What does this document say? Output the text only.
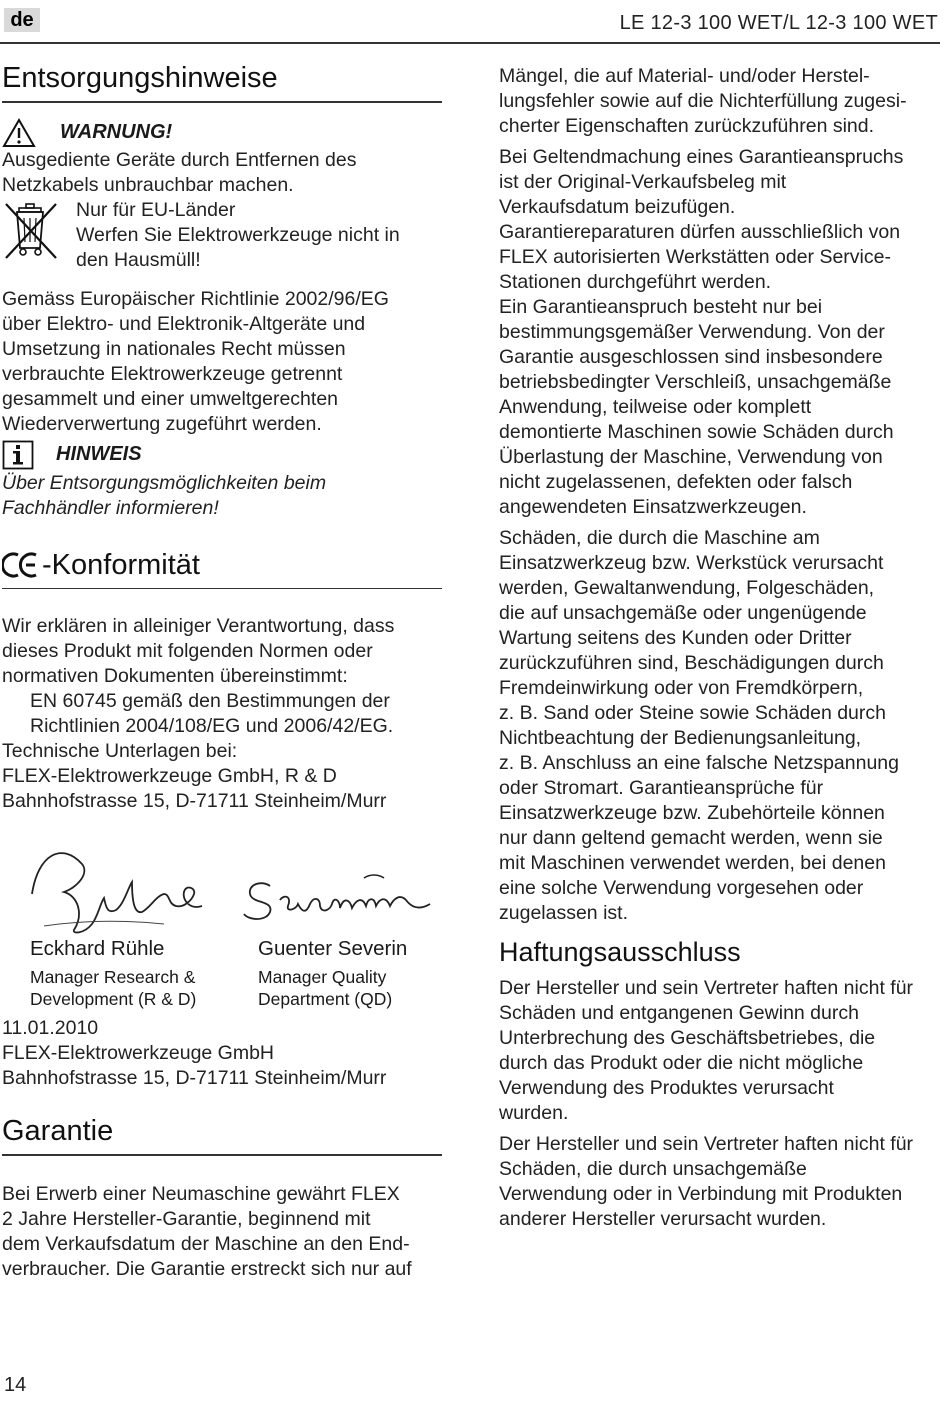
de	LE 12-3 100 WET/L 12-3 100 WET
Entsorgungshinweise
WARNUNG!

Ausgediente Geräte durch Entfernen des

Netzkabels unbrauchbar machen.

Nur für EU-Länder

Werfen Sie Elektrowerkzeuge nicht in

den Hausmüll!

Gemäss Europäischer Richtlinie 2002/96/EG

über Elektro- und Elektronik-Altgeräte und

Umsetzung in nationales Recht müssen

verbrauchte Elektrowerkzeuge getrennt

gesammelt und einer umweltgerechten

Wiederverwertung zugeführt werden.

HINWEIS

Über Entsorgungsmöglichkeiten beim

Fachhändler informieren!

-Konformität

Wir erklären in alleiniger Verantwortung, dass

dieses Produkt mit folgenden Normen oder

normativen Dokumenten übereinstimmt:

EN 60745 gemäß den Bestimmungen der

Richtlinien 2004/108/EG und 2006/42/EG.

Technische Unterlagen bei:

FLEX-Elektrowerkzeuge GmbH, R & D

Bahnhofstrasse 15, D-71711 Steinheim/Murr

Eckhard Rühle
Manager Research &
Development (R & D)
Guenter Severin
Manager Quality
Department (QD)

11.01.2010

FLEX-Elektrowerkzeuge GmbH

Bahnhofstrasse 15, D-71711 Steinheim/Murr

Garantie

Bei Erwerb einer Neumaschine gewährt FLEX

2 Jahre Hersteller-Garantie, beginnend mit

dem Verkaufsdatum der Maschine an den End-

verbraucher. Die Garantie erstreckt sich nur auf

Mängel, die auf Material- und/oder Herstel-

lungsfehler sowie auf die Nichterfüllung zugesi-

cherter Eigenschaften zurückzuführen sind.

Bei Geltendmachung eines Garantieanspruchs

ist der Original-Verkaufsbeleg mit

Verkaufsdatum beizufügen.

Garantiereparaturen dürfen ausschließlich von

FLEX autorisierten Werkstätten oder Service-

Stationen durchgeführt werden.

Ein Garantieanspruch besteht nur bei

bestimmungsgemäßer Verwendung. Von der

Garantie ausgeschlossen sind insbesondere

betriebsbedingter Verschleiß, unsachgemäße

Anwendung, teilweise oder komplett

demontierte Maschinen sowie Schäden durch

Überlastung der Maschine, Verwendung von

nicht zugelassenen, defekten oder falsch

angewendeten Einsatzwerkzeugen.

Schäden, die durch die Maschine am

Einsatzwerkzeug bzw. Werkstück verursacht

werden, Gewaltanwendung, Folgeschäden,

die auf unsachgemäße oder ungenügende

Wartung seitens des Kunden oder Dritter

zurückzuführen sind, Beschädigungen durch

Fremdeinwirkung oder von Fremdkörpern,

z. B. Sand oder Steine sowie Schäden durch

Nichtbeachtung der Bedienungsanleitung,

z. B. Anschluss an eine falsche Netzspannung

oder Stromart. Garantieansprüche für

Einsatzwerkzeuge bzw. Zubehörteile können

nur dann geltend gemacht werden, wenn sie

mit Maschinen verwendet werden, bei denen

eine solche Verwendung vorgesehen oder

zugelassen ist.

Haftungsausschluss

Der Hersteller und sein Vertreter haften nicht für

Schäden und entgangenen Gewinn durch

Unterbrechung des Geschäftsbetriebes, die

durch das Produkt oder die nicht mögliche

Verwendung des Produktes verursacht

wurden.

Der Hersteller und sein Vertreter haften nicht für

Schäden, die durch unsachgemäße

Verwendung oder in Verbindung mit Produkten

anderer Hersteller verursacht wurden.

14
